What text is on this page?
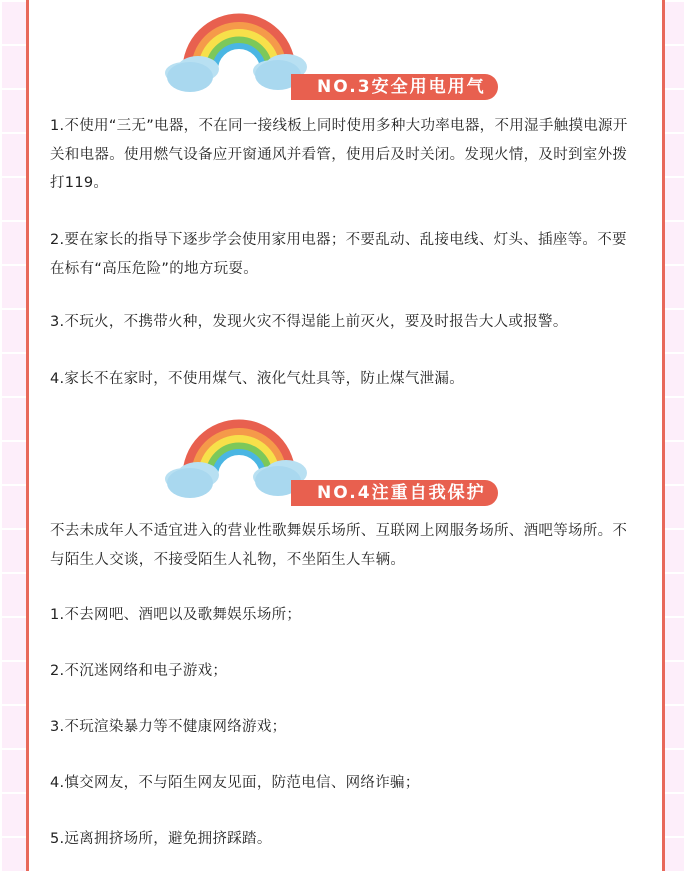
NO.3安全用电用气

1.不使用“三无”电器，不在同一接线板上同时使用多种大功率电器，不用湿手触摸电源开关和电器。使用燃气设备应开窗通风并看管，使用后及时关闭。发现火情，及时到室外拨打119。

2.要在家长的指导下逐步学会使用家用电器；不要乱动、乱接电线、灯头、插座等。不要在标有“高压危险”的地方玩耍。

3.不玩火，不携带火种，发现火灾不得逞能上前灭火，要及时报告大人或报警。

4.家长不在家时，不使用煤气、液化气灶具等，防止煤气泄漏。

NO.4注重自我保护

不去未成年人不适宜进入的营业性歌舞娱乐场所、互联网上网服务场所、酒吧等场所。不与陌生人交谈，不接受陌生人礼物，不坐陌生人车辆。

1.不去网吧、酒吧以及歌舞娱乐场所；

2.不沉迷网络和电子游戏；

3.不玩渲染暴力等不健康网络游戏；

4.慎交网友，不与陌生网友见面，防范电信、网络诈骗；

5.远离拥挤场所，避免拥挤踩踏。
